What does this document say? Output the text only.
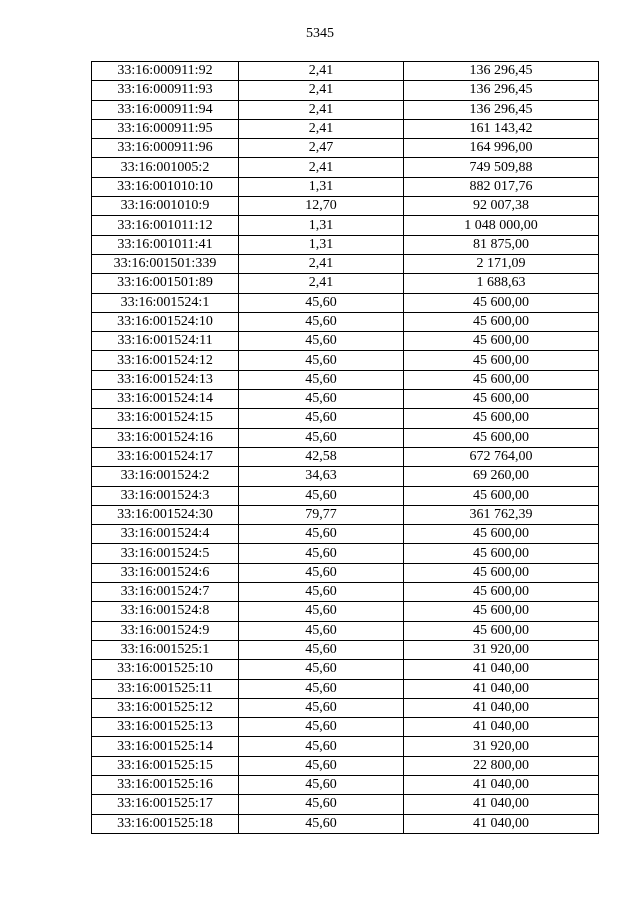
5345
33:16:000911:92	2,41	136 296,45
33:16:000911:93	2,41	136 296,45
33:16:000911:94	2,41	136 296,45
33:16:000911:95	2,41	161 143,42
33:16:000911:96	2,47	164 996,00
33:16:001005:2	2,41	749 509,88
33:16:001010:10	1,31	882 017,76
33:16:001010:9	12,70	92 007,38
33:16:001011:12	1,31	1 048 000,00
33:16:001011:41	1,31	81 875,00
33:16:001501:339	2,41	2 171,09
33:16:001501:89	2,41	1 688,63
33:16:001524:1	45,60	45 600,00
33:16:001524:10	45,60	45 600,00
33:16:001524:11	45,60	45 600,00
33:16:001524:12	45,60	45 600,00
33:16:001524:13	45,60	45 600,00
33:16:001524:14	45,60	45 600,00
33:16:001524:15	45,60	45 600,00
33:16:001524:16	45,60	45 600,00
33:16:001524:17	42,58	672 764,00
33:16:001524:2	34,63	69 260,00
33:16:001524:3	45,60	45 600,00
33:16:001524:30	79,77	361 762,39
33:16:001524:4	45,60	45 600,00
33:16:001524:5	45,60	45 600,00
33:16:001524:6	45,60	45 600,00
33:16:001524:7	45,60	45 600,00
33:16:001524:8	45,60	45 600,00
33:16:001524:9	45,60	45 600,00
33:16:001525:1	45,60	31 920,00
33:16:001525:10	45,60	41 040,00
33:16:001525:11	45,60	41 040,00
33:16:001525:12	45,60	41 040,00
33:16:001525:13	45,60	41 040,00
33:16:001525:14	45,60	31 920,00
33:16:001525:15	45,60	22 800,00
33:16:001525:16	45,60	41 040,00
33:16:001525:17	45,60	41 040,00
33:16:001525:18	45,60	41 040,00
